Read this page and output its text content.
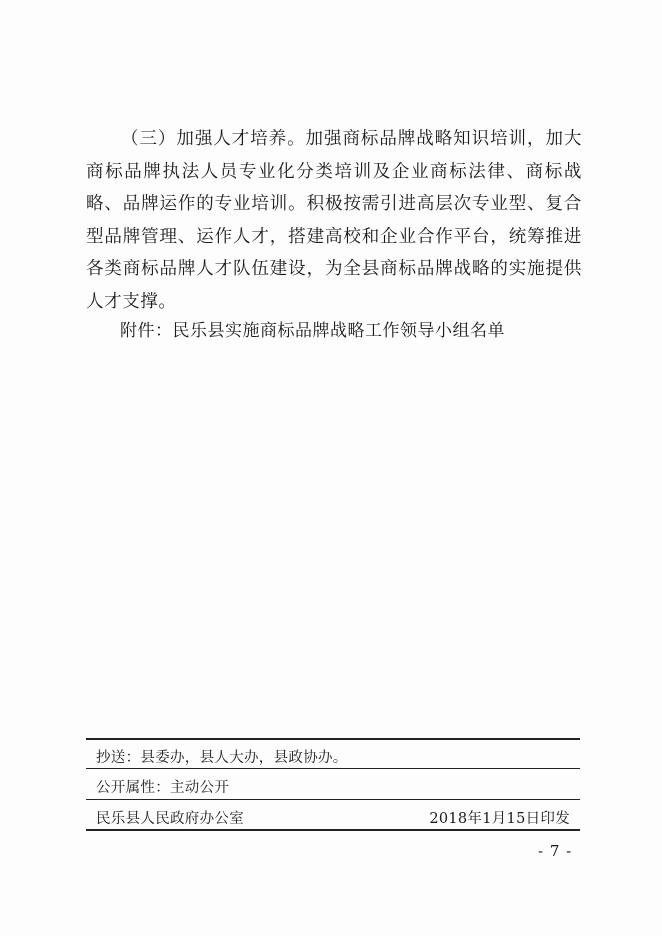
（三）加强人才培养。加强商标品牌战略知识培训，加大商标品牌执法人员专业化分类培训及企业商标法律、商标战略、品牌运作的专业培训。积极按需引进高层次专业型、复合型品牌管理、运作人才，搭建高校和企业合作平台，统筹推进各类商标品牌人才队伍建设，为全县商标品牌战略的实施提供人才支撑。

附件：民乐县实施商标品牌战略工作领导小组名单

抄送：县委办，县人大办，县政协办。

公开属性：主动公开

民乐县人民政府办公室	2018年1月15日印发
- 7 -
